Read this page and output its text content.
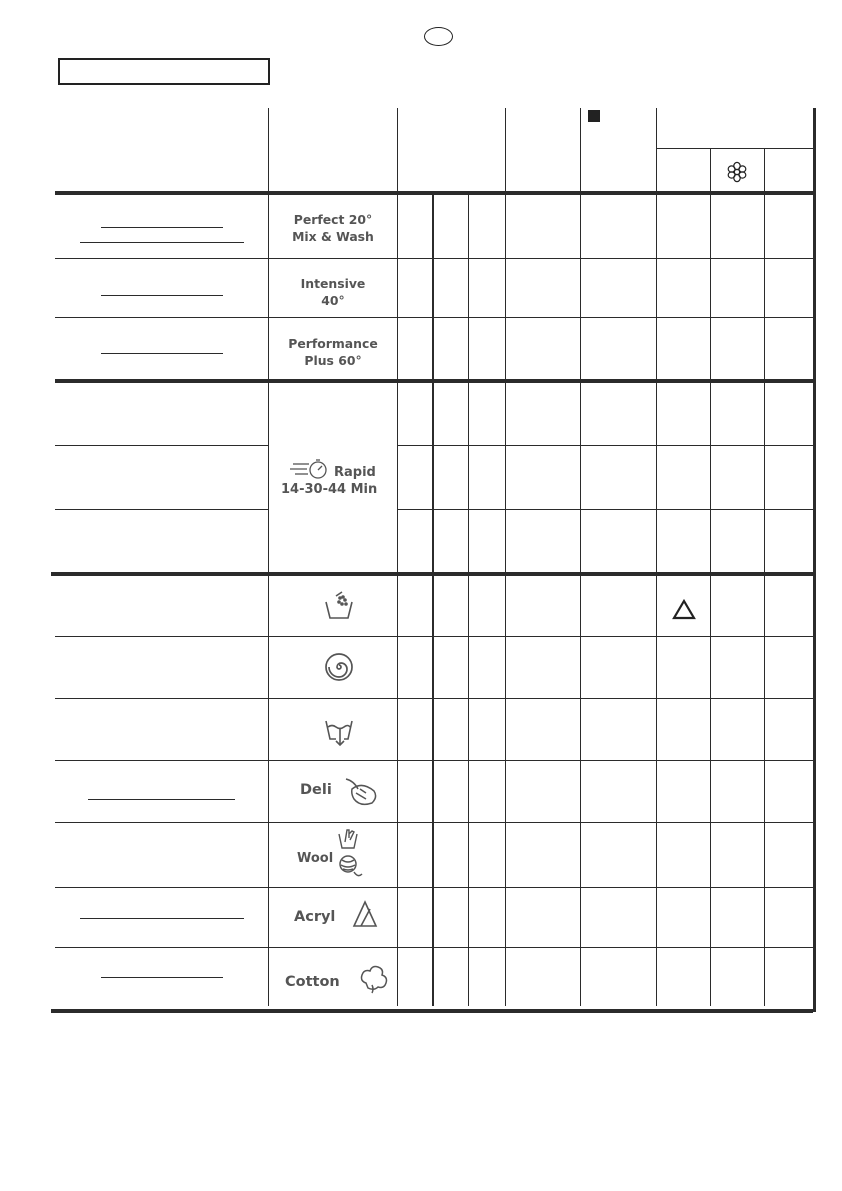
Perfect 20°
Mix & Wash
Intensive
40°
Performance
Plus 60°
Rapid
14-30-44 Min
Deli
Wool
Acryl
Cotton
